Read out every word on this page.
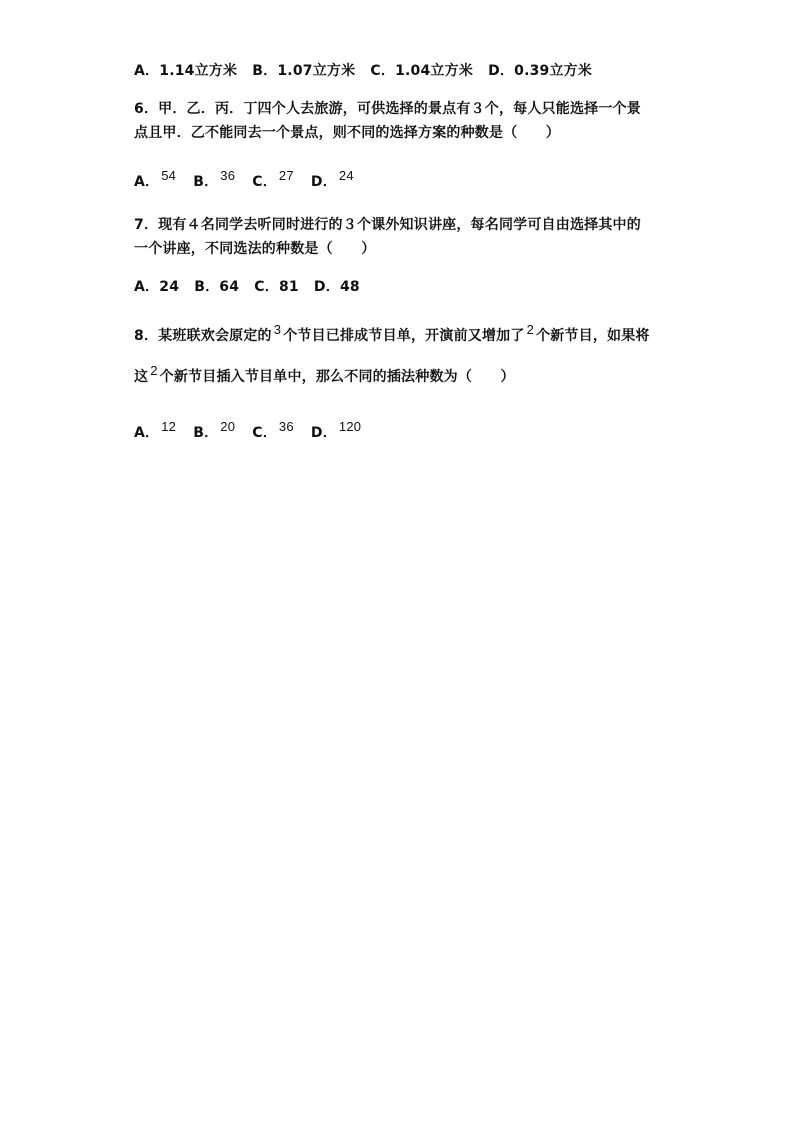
A．1.14立方米 B．1.07立方米 C．1.04立方米 D．0.39立方米
6．甲．乙．丙．丁四个人去旅游，可供选择的景点有３个，每人只能选择一个景
点且甲．乙不能同去一个景点，则不同的选择方案的种数是（　　）
A． 54 B． 36 C． 27 D． 24
7．现有４名同学去听同时进行的３个课外知识讲座，每名同学可自由选择其中的
一个讲座，不同选法的种数是（　　）
A．24 B．64 C．81 D．48
8．某班联欢会原定的 3 个节目已排成节目单，开演前又增加了 2 个新节目，如果将
这 2 个新节目插入节目单中，那么不同的插法种数为（　　）
A． 12 B． 20 C． 36 D． 120
